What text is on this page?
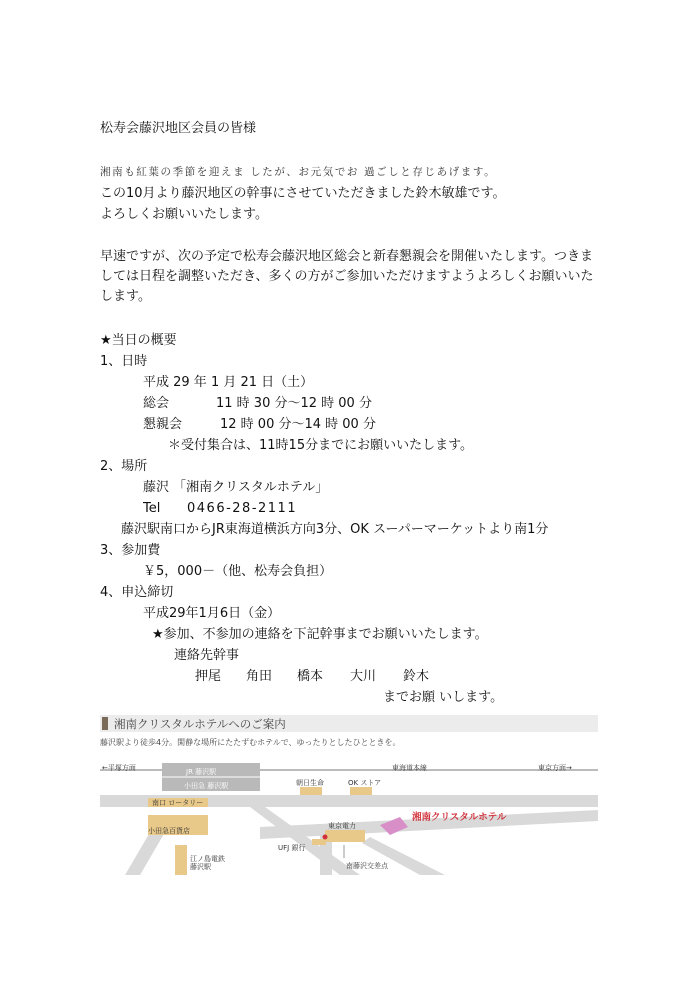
松寿会藤沢地区会員の皆様
湘南も紅葉の季節を迎えま したが、お元気でお 過ごしと存じあげます。
この10月より藤沢地区の幹事にさせていただきました鈴木敏雄です。
よろしくお願いいたします。
早速ですが、次の予定で松寿会藤沢地区総会と新春懇親会を開催いたします。つきましては日程を調整いただき、多くの方がご参加いただけますようよろしくお願いいたします。
★当日の概要
1、日時
平成 29 年 1 月 21 日（土）
総会	11 時 30 分～12 時 00 分
懇親会	12 時 00 分～14 時 00 分
＊受付集合は、11時15分までにお願いいたします。
2、場所
藤沢 「湘南クリスタルホテル」
Tel 0466-28-2111
藤沢駅南口からJR東海道横浜方向3分、OK スーパーマーケットより南1分
3、参加費
￥5，000－（他、松寿会負担）
4、申込締切
平成29年1月6日（金）
★参加、不参加の連絡を下記幹事までお願いいたします。
連絡先幹事
押尾 角田 橋本 大川 鈴木
までお願 いします。
湘南クリスタルホテルへのご案内
藤沢駅より徒歩4分。閑静な場所にたたずむホテルで、ゆったりとしたひとときを。
←平塚方面	東海道本線	東京方面→
JR 藤沢駅
小田急 藤沢駅	朝日生命	OK ストア
南口 ロータリー
小田急百貨店
東京電力
湘南クリスタルホテル
UFJ 銀行
江ノ島電鉄 藤沢駅	南藤沢交差点
